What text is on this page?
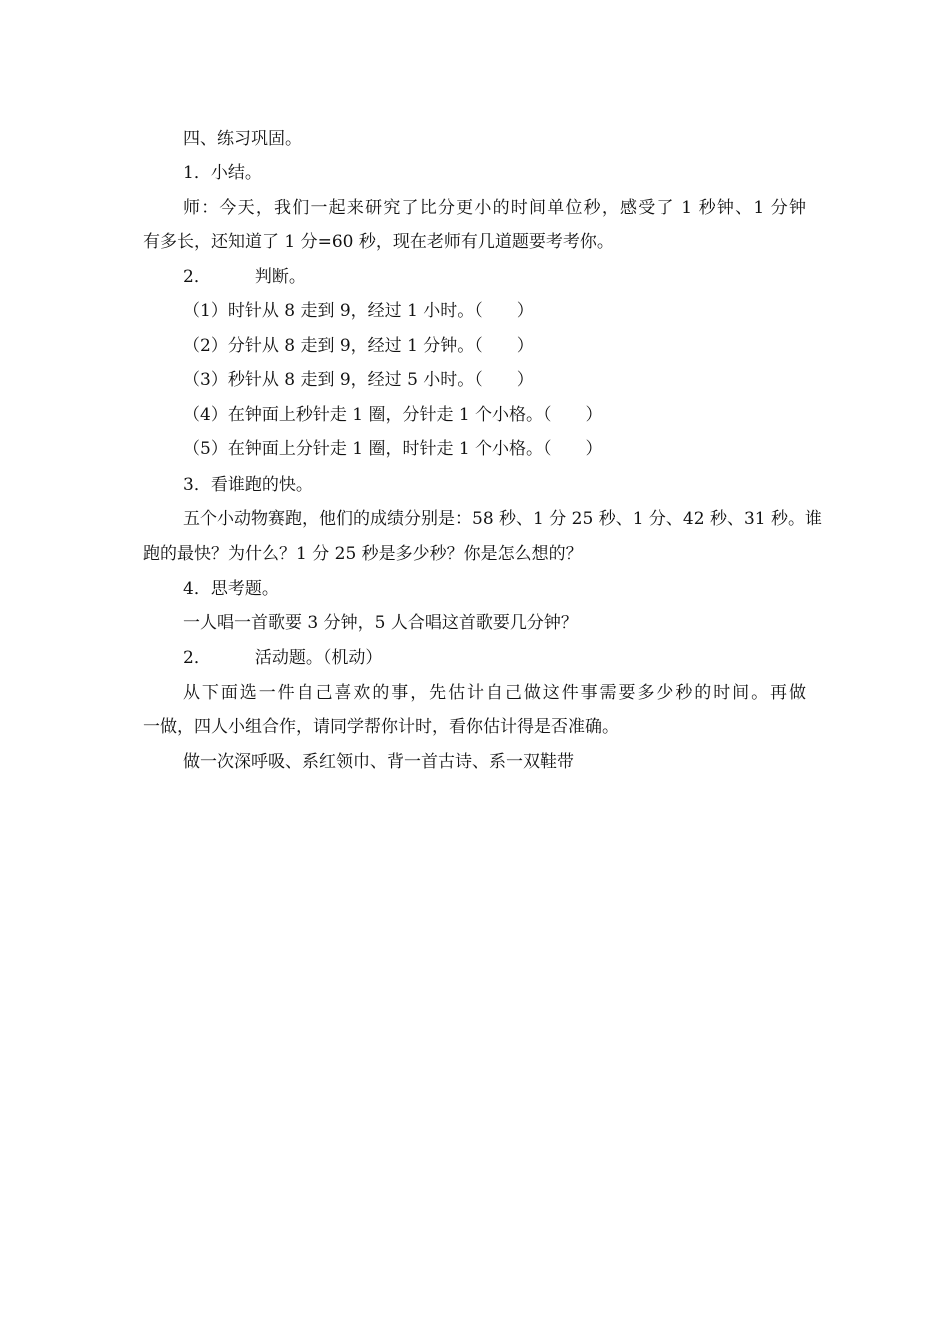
四、练习巩固。
1．小结。
师：今天，我们一起来研究了比分更小的时间单位秒，感受了 1 秒钟、1 分钟
有多长，还知道了 1 分=60 秒，现在老师有几道题要考考你。
2．	判断。
（1）时针从 8 走到 9，经过 1 小时。（　　）
（2）分针从 8 走到 9，经过 1 分钟。（　　）
（3）秒针从 8 走到 9，经过 5 小时。（　　）
（4）在钟面上秒针走 1 圈，分针走 1 个小格。（　　）
（5）在钟面上分针走 1 圈，时针走 1 个小格。（　　）
3．看谁跑的快。
五个小动物赛跑，他们的成绩分别是：58 秒、1 分 25 秒、1 分、42 秒、31 秒。谁
跑的最快？为什么？1 分 25 秒是多少秒？你是怎么想的？
4．思考题。
一人唱一首歌要 3 分钟，5 人合唱这首歌要几分钟？
2．	活动题。（机动）
从下面选一件自己喜欢的事，先估计自己做这件事需要多少秒的时间。再做
一做，四人小组合作，请同学帮你计时，看你估计得是否准确。
做一次深呼吸、系红领巾、背一首古诗、系一双鞋带
